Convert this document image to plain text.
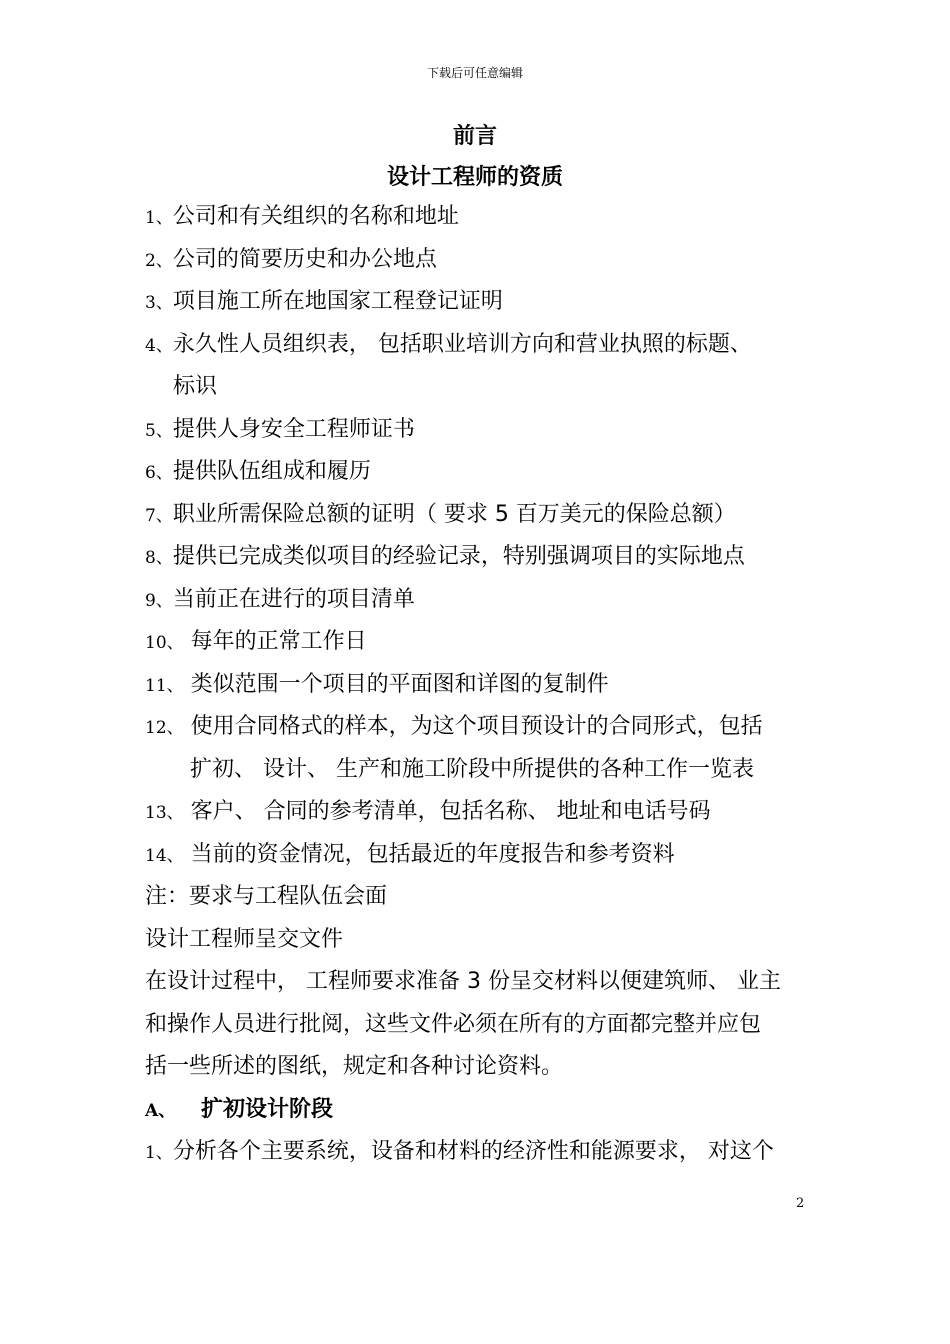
下载后可任意编辑
前言
设计工程师的资质
1、公司和有关组织的名称和地址
2、公司的简要历史和办公地点
3、项目施工所在地国家工程登记证明
4、永久性人员组织表， 包括职业培训方向和营业执照的标题、
标识
5、提供人身安全工程师证书
6、提供队伍组成和履历
7、职业所需保险总额的证明（ 要求 5 百万美元的保险总额）
8、提供已完成类似项目的经验记录，特别强调项目的实际地点
9、当前正在进行的项目清单
10、 每年的正常工作日
11、 类似范围一个项目的平面图和详图的复制件
12、 使用合同格式的样本，为这个项目预设计的合同形式，包括
扩初、 设计、 生产和施工阶段中所提供的各种工作一览表
13、 客户、 合同的参考清单，包括名称、 地址和电话号码
14、 当前的资金情况，包括最近的年度报告和参考资料
注：要求与工程队伍会面
设计工程师呈交文件
在设计过程中， 工程师要求准备 3 份呈交材料以便建筑师、 业主
和操作人员进行批阅，这些文件必须在所有的方面都完整并应包
括一些所述的图纸，规定和各种讨论资料。
A、 扩初设计阶段
1、分析各个主要系统，设备和材料的经济性和能源要求， 对这个
2
